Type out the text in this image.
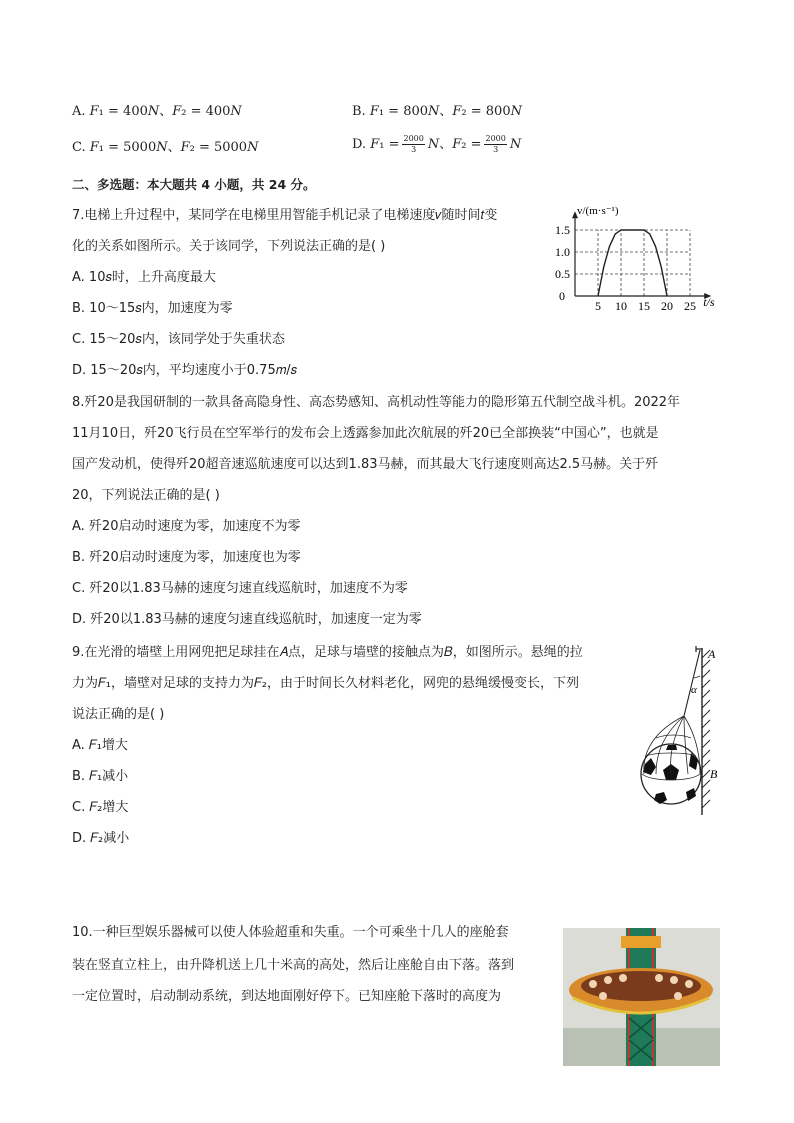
A. 𝐹₁ = 400𝑁、𝐹₂ = 400𝑁	B. 𝐹₁ = 800𝑁、𝐹₂ = 800𝑁
C. 𝐹₁ = 5000𝑁、𝐹₂ = 5000𝑁	D. 𝐹₁ = $\frac{2000}{3}$ 𝑁、𝐹₂ = $\frac{2000}{3}$ 𝑁
二、多选题：本大题共 4 小题，共 24 分。
7.电梯上升过程中，某同学在电梯里用智能手机记录了电梯速度𝑣随时间𝑡变
化的关系如图所示。关于该同学，下列说法正确的是( )
A. 10𝑠时，上升高度最大
B. 10～15𝑠内，加速度为零
C. 15～20𝑠内，该同学处于失重状态
D. 15～20𝑠内，平均速度小于0.75𝑚/𝑠
5 10 15 20 25
0.5
1.0
1.5
0
v/(m·s⁻¹)
t/s
8.歼20是我国研制的一款具备高隐身性、高态势感知、高机动性等能力的隐形第五代制空战斗机。2022年
11月10日，歼20飞行员在空军举行的发布会上透露参加此次航展的歼20已全部换装“中国心”，也就是
国产发动机，使得歼20超音速巡航速度可以达到1.83马赫，而其最大飞行速度则高达2.5马赫。关于歼
20，下列说法正确的是( )
A. 歼20启动时速度为零，加速度不为零
B. 歼20启动时速度为零，加速度也为零
C. 歼20以1.83马赫的速度匀速直线巡航时，加速度不为零
D. 歼20以1.83马赫的速度匀速直线巡航时，加速度一定为零
9.在光滑的墙壁上用网兜把足球挂在𝐴点，足球与墙壁的接触点为𝐵，如图所示。悬绳的拉
力为𝐹₁，墙壁对足球的支持力为𝐹₂，由于时间长久材料老化，网兜的悬绳缓慢变长，下列
说法正确的是( )
A. 𝐹₁增大
B. 𝐹₁减小
C. 𝐹₂增大
D. 𝐹₂减小
A
α
B
10.一种巨型娱乐器械可以使人体验超重和失重。一个可乘坐十几人的座舱套
装在竖直立柱上，由升降机送上几十米高的高处，然后让座舱自由下落。落到
一定位置时，启动制动系统，到达地面刚好停下。已知座舱下落时的高度为
